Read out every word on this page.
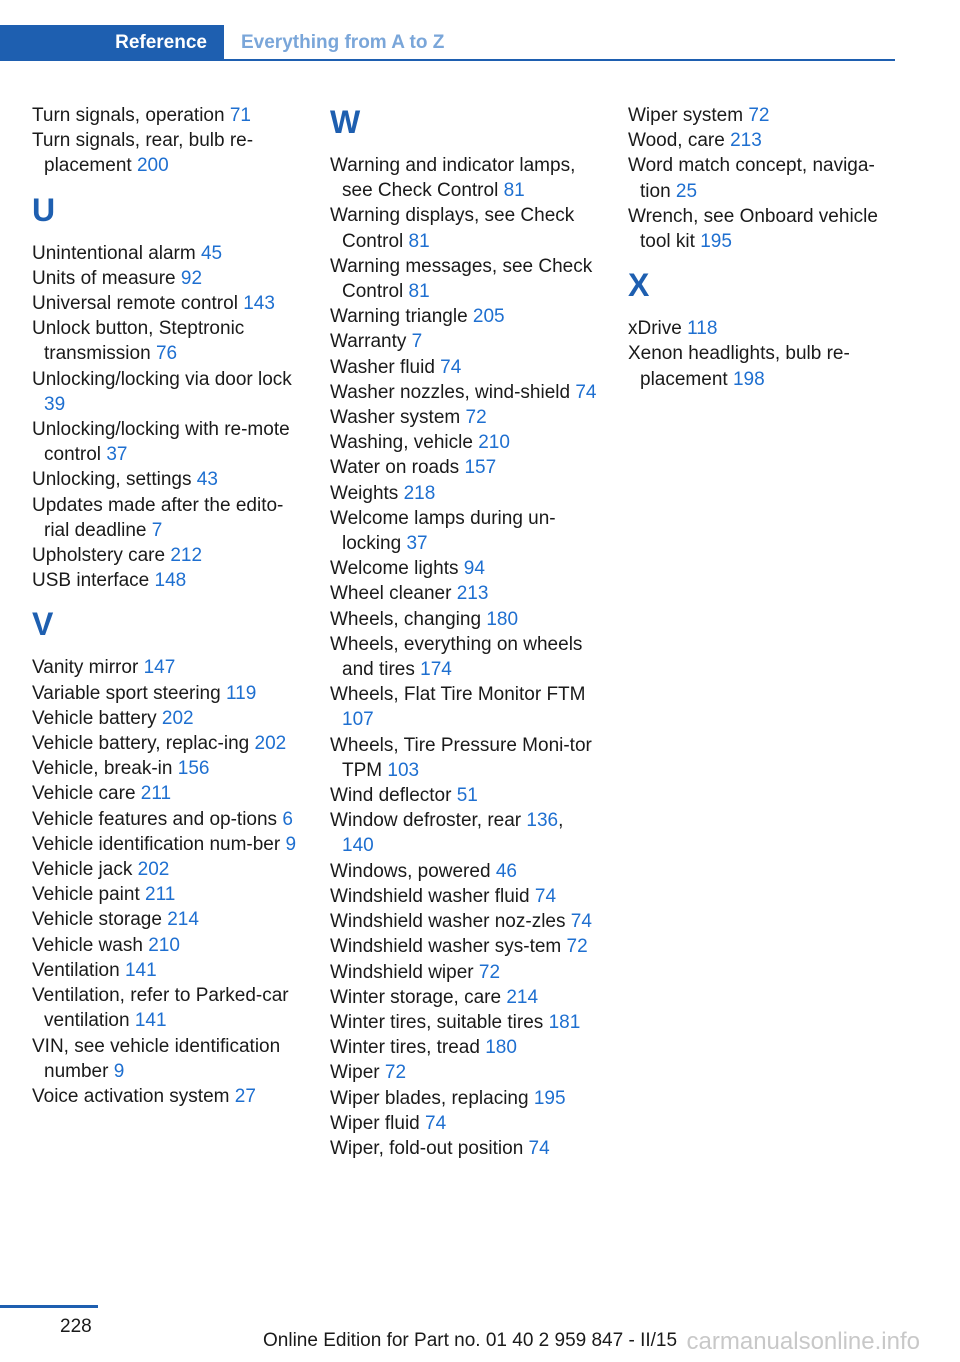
Reference	Everything from A to Z

Turn signals, operation 71

Turn signals, rear, bulb re-placement 200

U

Unintentional alarm 45

Units of measure 92

Universal remote control 143

Unlock button, Steptronic transmission 76

Unlocking/locking via door lock 39

Unlocking/locking with re-mote control 37

Unlocking, settings 43

Updates made after the edito-rial deadline 7

Upholstery care 212

USB interface 148

V

Vanity mirror 147

Variable sport steering 119

Vehicle battery 202

Vehicle battery, replac-ing 202

Vehicle, break-in 156

Vehicle care 211

Vehicle features and op-tions 6

Vehicle identification num-ber 9

Vehicle jack 202

Vehicle paint 211

Vehicle storage 214

Vehicle wash 210

Ventilation 141

Ventilation, refer to Parked-car ventilation 141

VIN, see vehicle identification number 9

Voice activation system 27

W

Warning and indicator lamps, see Check Control 81

Warning displays, see Check Control 81

Warning messages, see Check Control 81

Warning triangle 205

Warranty 7

Washer fluid 74

Washer nozzles, wind-shield 74

Washer system 72

Washing, vehicle 210

Water on roads 157

Weights 218

Welcome lamps during un-locking 37

Welcome lights 94

Wheel cleaner 213

Wheels, changing 180

Wheels, everything on wheels and tires 174

Wheels, Flat Tire Monitor FTM 107

Wheels, Tire Pressure Moni-tor TPM 103

Wind deflector 51

Window defroster, rear 136, 140

Windows, powered 46

Windshield washer fluid 74

Windshield washer noz-zles 74

Windshield washer sys-tem 72

Windshield wiper 72

Winter storage, care 214

Winter tires, suitable tires 181

Winter tires, tread 180

Wiper 72

Wiper blades, replacing 195

Wiper fluid 74

Wiper, fold-out position 74

Wiper system 72

Wood, care 213

Word match concept, naviga-tion 25

Wrench, see Onboard vehicle tool kit 195

X

xDrive 118

Xenon headlights, bulb re-placement 198

228
Online Edition for Part no. 01 40 2 959 847 - II/15 carmanualsonline.info
